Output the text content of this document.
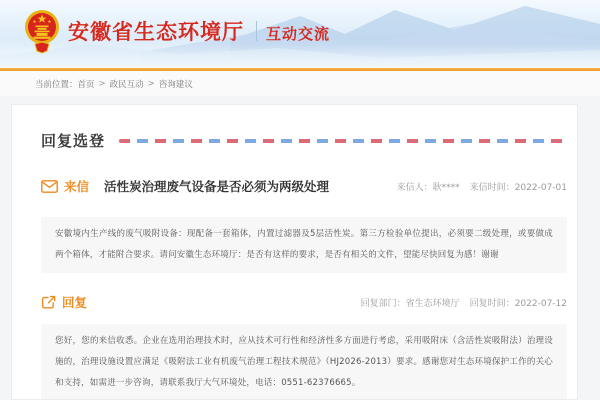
安徽省生态环境厅 互动交流
当前位置： 首页 > 政民互动 > 咨询建议
回复选登
来信 活性炭治理废气设备是否必须为两级处理	来信人：耿**** 来信时间：2022-07-01

安徽境内生产线的废气吸附设备：现配备一套箱体，内置过滤器及5层活性炭。第三方检验单位提出，必须要二级处理，或要做成两个箱体，才能附合要求。请问安徽生态环境厅：是否有这样的要求，是否有相关的文件，望能尽快回复为感！谢谢

回复	回复部门：省生态环境厅 回复时间：2022-07-12

您好，您的来信收悉。企业在选用治理技术时，应从技术可行性和经济性多方面进行考虑，采用吸附床（含活性炭吸附法）治理设施的，治理设施设置应满足《吸附法工业有机废气治理工程技术规范》（HJ2026-2013）要求。感谢您对生态环境保护工作的关心和支持，如需进一步咨询，请联系我厅大气环境处，电话：0551-62376665。
